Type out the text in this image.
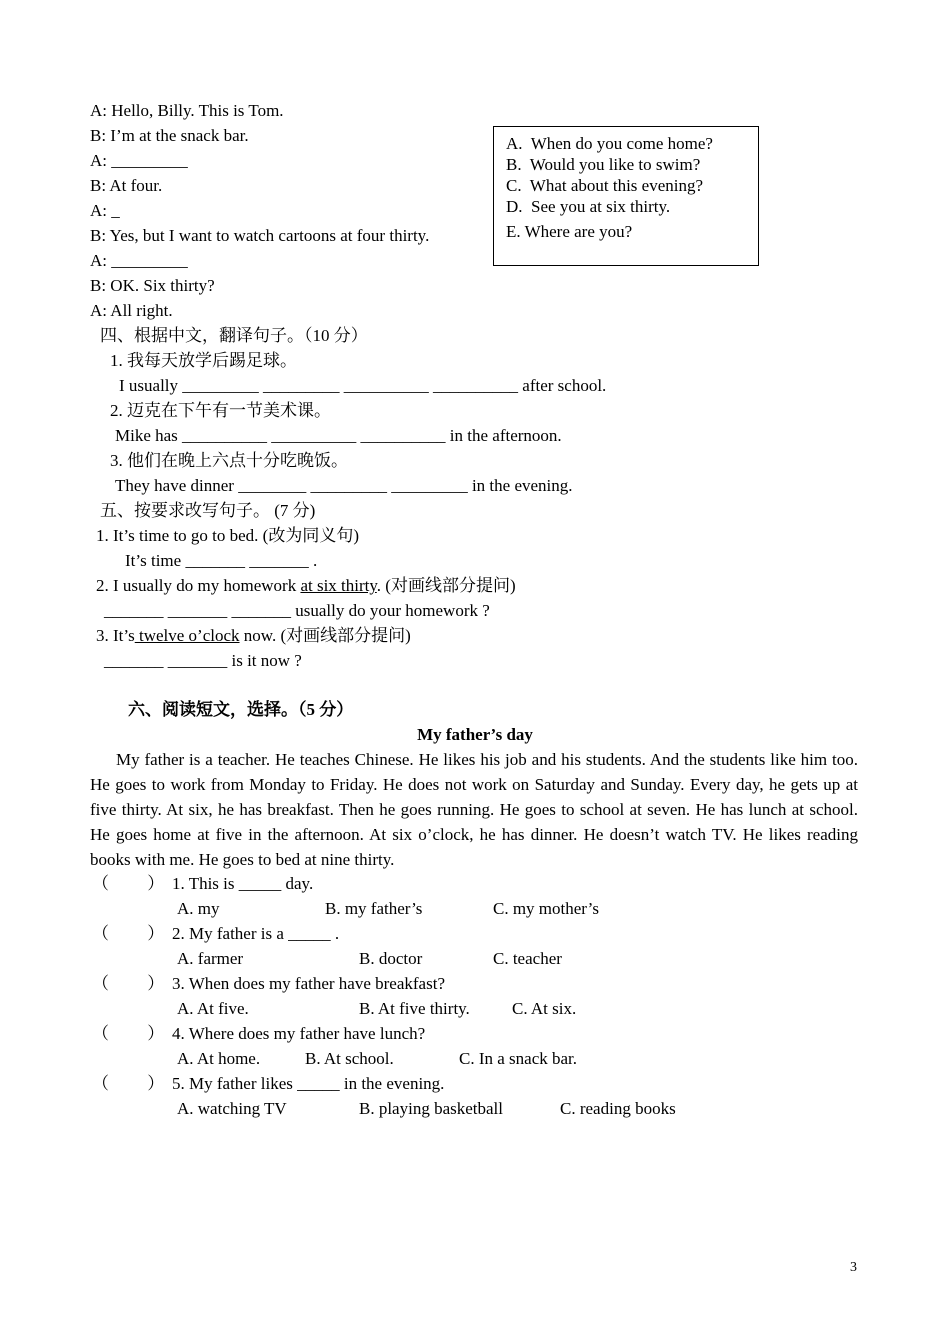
A: Hello, Billy. This is Tom.
B: I’m at the snack bar.
A: _________
B: At four.
A: _
B: Yes, but I want to watch cartoons at four thirty.
A: _________
B: OK. Six thirty?
A: All right.
A.  When do you come home?
B.  Would you like to swim?
C.  What about this evening?
D.  See you at six thirty.
E. Where are you?
四、根据中文，翻译句子。（10 分）
1. 我每天放学后踢足球。
I usually _________ _________ __________ __________ after school.
2. 迈克在下午有一节美术课。
Mike has __________ __________ __________ in the afternoon.
3. 他们在晚上六点十分吃晚饭。
They have dinner ________ _________ _________ in the evening.
五、按要求改写句子。 (7 分)
1. It’s time to go to bed. (改为同义句)
It’s time _______ _______ .
2. I usually do my homework at six thirty. (对画线部分提问)
_______ _______ _______ usually do your homework ?
3. It’s twelve o’clock now. (对画线部分提问)
_______ _______ is it now ?
六、阅读短文，选择。（5 分）
My father’s day
My father is a teacher. He teaches Chinese. He likes his job and his students. And the students like him too. He goes to work from Monday to Friday. He does not work on Saturday and Sunday. Every day, he gets up at five thirty. At six, he has breakfast. Then he goes running. He goes to school at seven. He has lunch at school. He goes home at five in the afternoon. At six o’clock, he has dinner. He doesn’t watch TV. He likes reading books with me. He goes to bed at nine thirty.
（         ） 1. This is _____ day.
A. my	B. my father’s	C. my mother’s
（         ） 2. My father is a _____ .
A. farmer	B. doctor	C. teacher
（         ） 3. When does my father have breakfast?
A. At five.	B. At five thirty. C. At six.
（         ） 4. Where does my father have lunch?
A. At home.	B. At school.	C. In a snack bar.
（         ） 5. My father likes _____ in the evening.
A. watching TV	B. playing basketball	C. reading books
3
